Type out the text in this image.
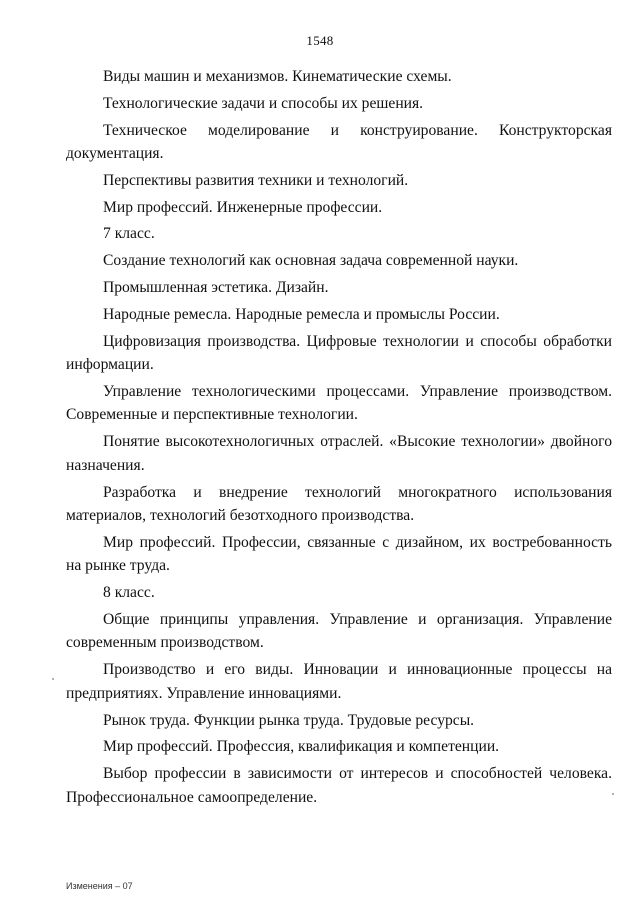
1548

Виды машин и механизмов. Кинематические схемы.

Технологические задачи и способы их решения.

Техническое моделирование и конструирование. Конструкторская документация.

Перспективы развития техники и технологий.

Мир профессий. Инженерные профессии.

7 класс.

Создание технологий как основная задача современной науки.

Промышленная эстетика. Дизайн.

Народные ремесла. Народные ремесла и промыслы России.

Цифровизация производства. Цифровые технологии и способы обработки информации.

Управление технологическими процессами. Управление производством. Современные и перспективные технологии.

Понятие высокотехнологичных отраслей. «Высокие технологии» двойного назначения.

Разработка и внедрение технологий многократного использования материалов, технологий безотходного производства.

Мир профессий. Профессии, связанные с дизайном, их востребованность на рынке труда.

8 класс.

Общие принципы управления. Управление и организация. Управление современным производством.

Производство и его виды. Инновации и инновационные процессы на предприятиях. Управление инновациями.

Рынок труда. Функции рынка труда. Трудовые ресурсы.

Мир профессий. Профессия, квалификация и компетенции.

Выбор профессии в зависимости от интересов и способностей человека. Профессиональное самоопределение.

Изменения – 07
